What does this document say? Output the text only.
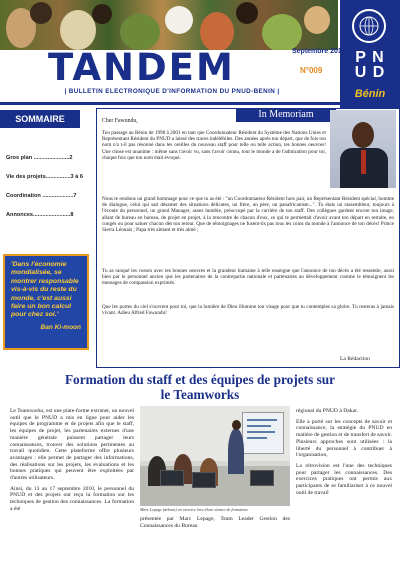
P N
U D
Bénin
Septembre 2010
N°009
TANDEM
| BULLETIN ELECTRONIQUE D'INFORMATION DU PNUD-BENIN |
SOMMAIRE
Gros plan .......................2
Vie des projets................3 à 6
Coordination ....................7
Annonces........................8
'Dans l'économie mondialisée, se montrer responsable vis-à-vis du reste du monde, c'est aussi faire un bon calcul pour chez soi.'
Ban Ki-moon
In Memoriam
Cher Fawundu,
Ton passage au Bénin de 1998 à 2001 en tant que Coordonnateur Résident du Système des Nations Unies et Représentant Résident du PNUD a laissé des traces indélébiles. Des années après ton départ, que de fois ton nom n'a t-il pas résonné dans les oreilles du nouveau staff pour telle ou telle action, tes bonnes oeuvres! Une chose est unanime : même sans t'avoir vu, sans t'avoir connu, tout le monde a de l'admiration pour toi, chaque fois que ton nom était évoqué.
Nous te rendons un grand hommage pour ce que tu as été : "un Coordonnateur Résident hors pair, un Représentant Résident spécial, homme de dialogue, celui qui sait désamer des situations délicates, un frère, un père, un panafricaniste...". Tu étais un rassembleur, toujours à l'écoute du personnel, un grand Manager, assez humble, préoccupé par la carrière de ton staff. Des collègues gardent encore ton image, allant de bureau en bureau, de projet en projet, à la rencontre de chacun d'eux, ce qui te permettait d'avoir avant ton départ en retraite, en congés ou pour saluer chacun dès ton retour. Que de témoignages ne fusent-ils pas tous les coins du monde à l'annonce de ton décès! Prince Sierra Léonais ; Papa très aimant et très aimé ;
Tu as ranqué les coeurs avec tes bonnes oeuvres et la grandeur humaine à telle enseigne que l'annonce de ton décès a été ressentie, aussi bien par le personnel ancien que les partenaires de la contrepartie nationale et partenaires au développement comme le témoignent les messages de compassion exprimés.
Que les portes du ciel s'ouvrent pour toi, que la lumière de Dieu illumine ton visage pour que tu contemples sa gloire. Tu resteras à jamais vivant. Adieu Alfred Fawundu!
La Rédaction
Formation du staff et des équipes de projets sur
le Teamworks

Le Teamworks, est une plate-forme extranet, un nouvel outil que le PNUD a mis en ligne pour aider les équipes de programme et de projets afin que le staff, les équipes de projet, les partenaires externes d'une manière générale puissent partager leurs connaissances, trouver des solutions pertinentes au travail quotidien. Cette plateforme offre plusieurs avantages : elle permet de partager des informations, des réalisations sur les projets, les évaluations et les bonnes pratiques qui peuvent être exploitées par d'autres utilisateurs.

Ainsi, du 13 au 17 septembre 2010, le personnel du PNUD et des projets ont reçu la formation sur les techniques de gestion des connaissances. La formation a été	Marc Lepage (debout) en exercice lors d'une séance de formation

présentée par Marc Lepage, Team Leader Gestion des Connaissances du Bureau

régional du PNUD à Dakar.

Elle a porté sur les concepts de savoir et connaissance, la stratégie du PNUD en matière de gestion et de transfert de savoir. Plusieurs approches sont utilisées : la liberté du personnel à contribuer à l'organisation,

La rétrovision est l'une des techniques pour partager les connaissances. Des exercices pratiques ont permis aux participants de se familiariser à ce nouvel outil de travail
